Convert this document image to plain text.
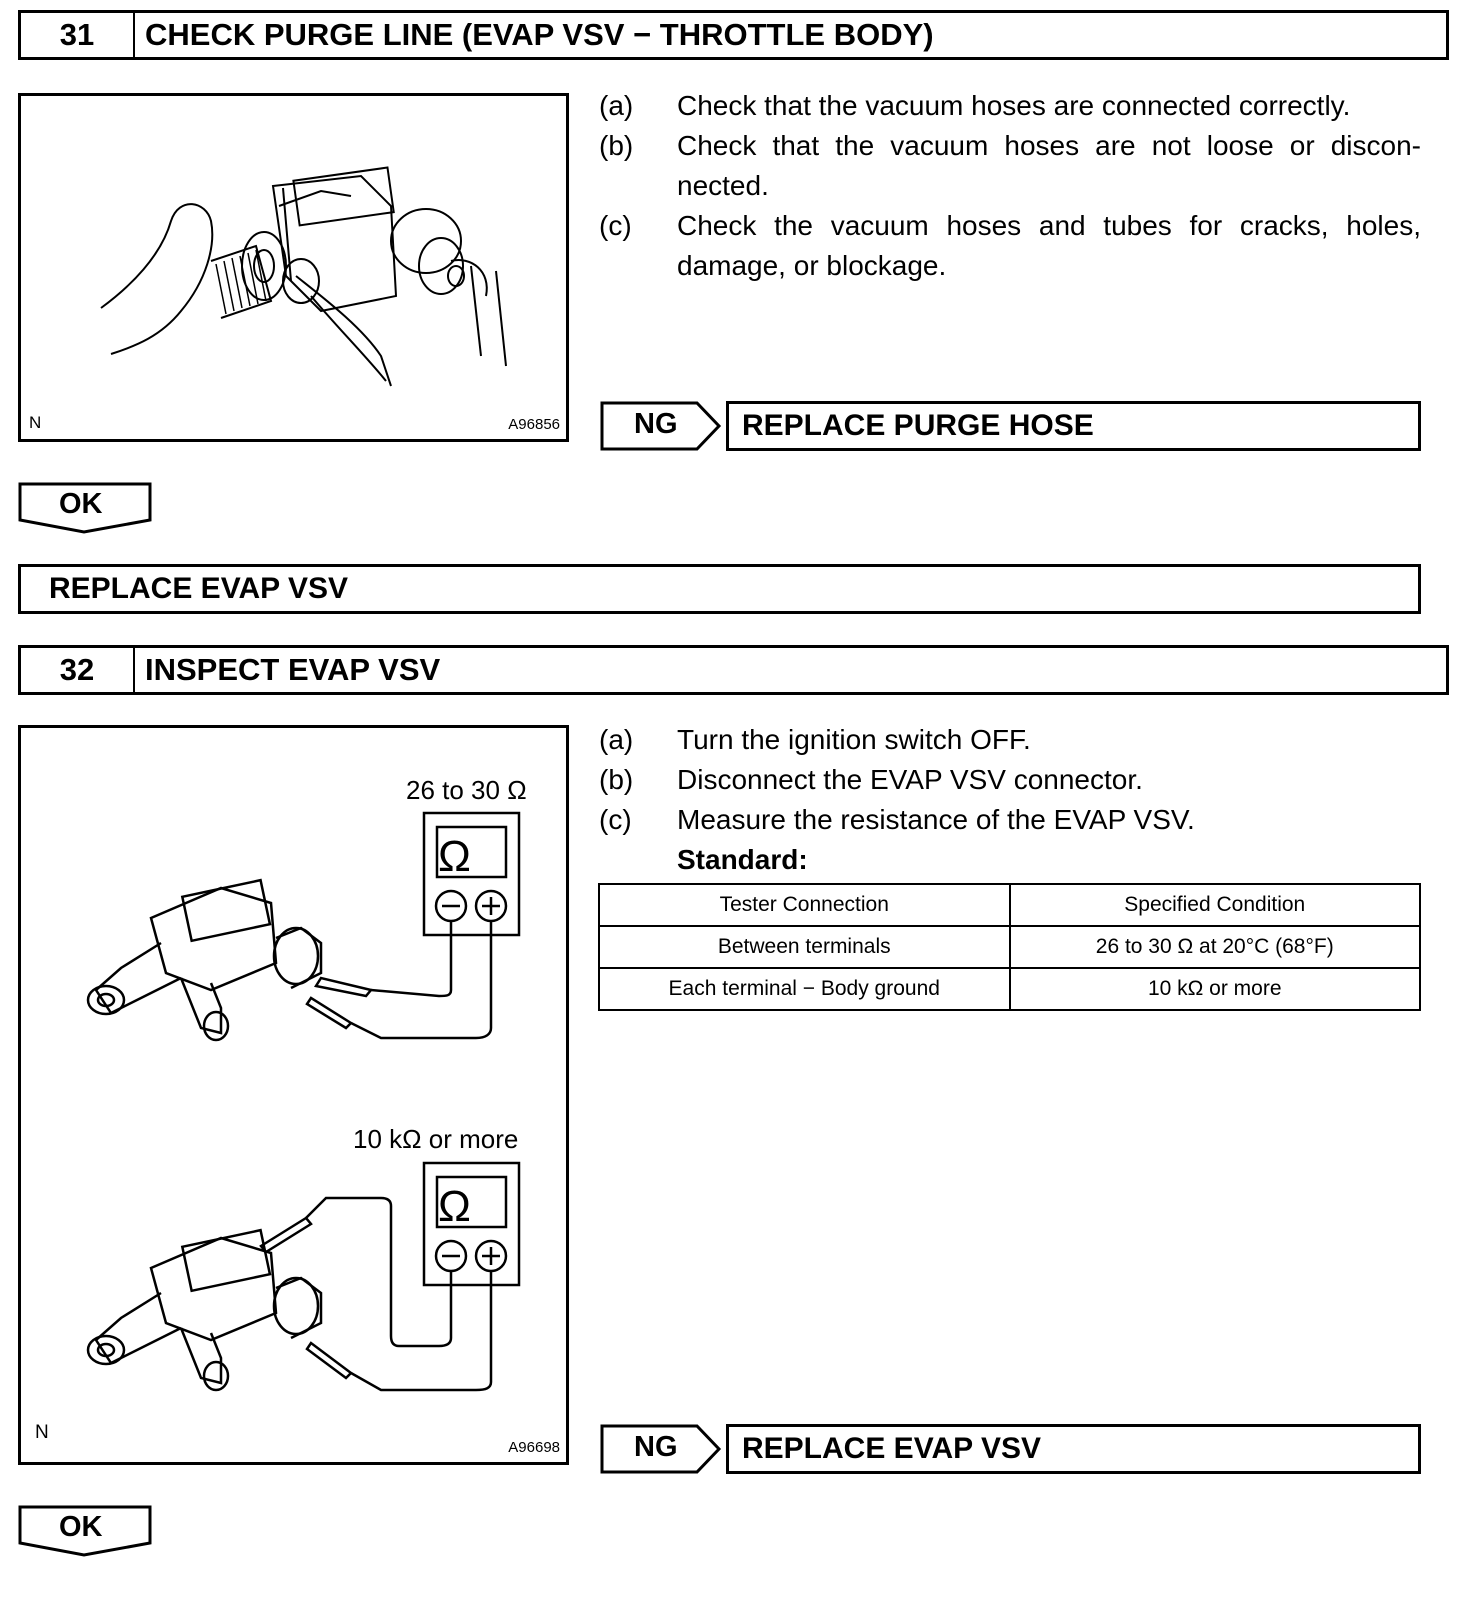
31	CHECK PURGE LINE (EVAP VSV − THROTTLE BODY)
N	A96856
(a) Check that the vacuum hoses are connected correctly.
(b) Check that the vacuum hoses are not loose or discon- nected.
(c) Check the vacuum hoses and tubes for cracks, holes, damage, or blockage.
NG	REPLACE PURGE HOSE
OK
REPLACE EVAP VSV
32	INSPECT EVAP VSV
Ω
Ω
26 to 30 Ω
10 kΩ or more
N
A96698
(a) Turn the ignition switch OFF.
(b) Disconnect the EVAP VSV connector.
(c) Measure the resistance of the EVAP VSV.
Standard:
Tester Connection	Specified Condition
Between terminals	26 to 30 Ω at 20°C (68°F)
Each terminal − Body ground	10 kΩ or more
NG	REPLACE EVAP VSV
OK
